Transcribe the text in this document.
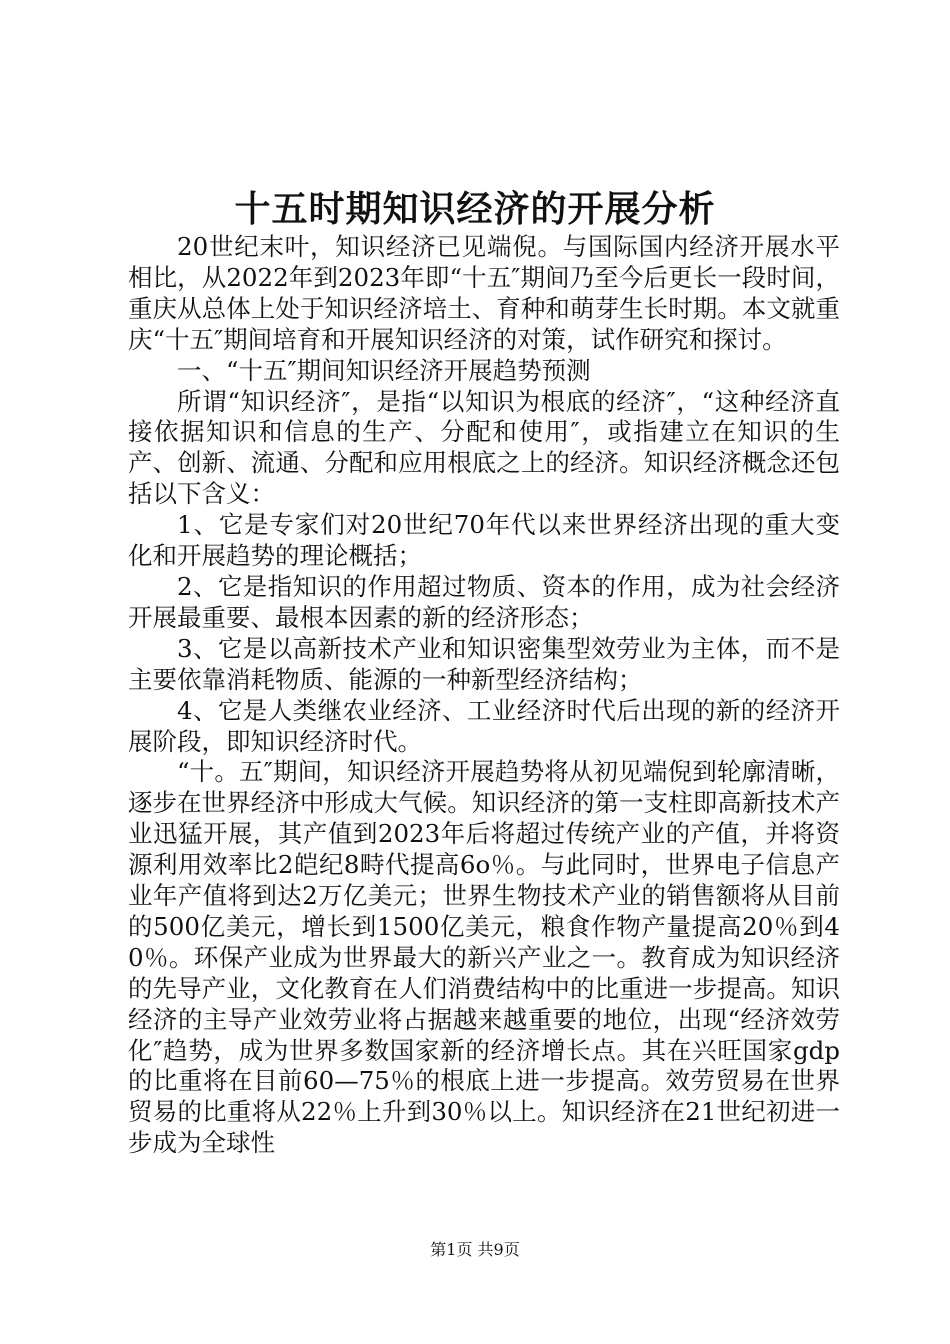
十五时期知识经济的开展分析

20世纪末叶，知识经济已见端倪。与国际国内经济开展水平相比，从2022年到2023年即“十五″期间乃至今后更长一段时间，重庆从总体上处于知识经济培土、育种和萌芽生长时期。本文就重庆“十五″期间培育和开展知识经济的对策，试作研究和探讨。

一、“十五″期间知识经济开展趋势预测

所谓“知识经济″，是指“以知识为根底的经济″，“这种经济直接依据知识和信息的生产、分配和使用″，或指建立在知识的生产、创新、流通、分配和应用根底之上的经济。知识经济概念还包括以下含义：

1、它是专家们对20世纪70年代以来世界经济出现的重大变化和开展趋势的理论概括；

2、它是指知识的作用超过物质、资本的作用，成为社会经济开展最重要、最根本因素的新的经济形态；

3、它是以高新技术产业和知识密集型效劳业为主体，而不是主要依靠消耗物质、能源的一种新型经济结构；

4、它是人类继农业经济、工业经济时代后出现的新的经济开展阶段，即知识经济时代。

“十。五″期间，知识经济开展趋势将从初见端倪到轮廓清晰，逐步在世界经济中形成大气候。知识经济的第一支柱即高新技术产业迅猛开展，其产值到2023年后将超过传统产业的产值，并将资源利用效率比2皑纪8畤代提高6o％。与此同时，世界电子信息产业年产值将到达2万亿美元；世界生物技术产业的销售额将从目前的500亿美元，增长到1500亿美元，粮食作物产量提高20％到40％。环保产业成为世界最大的新兴产业之一。教育成为知识经济的先导产业，文化教育在人们消费结构中的比重进一步提高。知识经济的主导产业效劳业将占据越来越重要的地位，出现“经济效劳化″趋势，成为世界多数国家新的经济增长点。其在兴旺国家gdp的比重将在目前60—75％的根底上进一步提高。效劳贸易在世界贸易的比重将从22％上升到30％以上。知识经济在21世纪初进一步成为全球性

第1页 共9页
